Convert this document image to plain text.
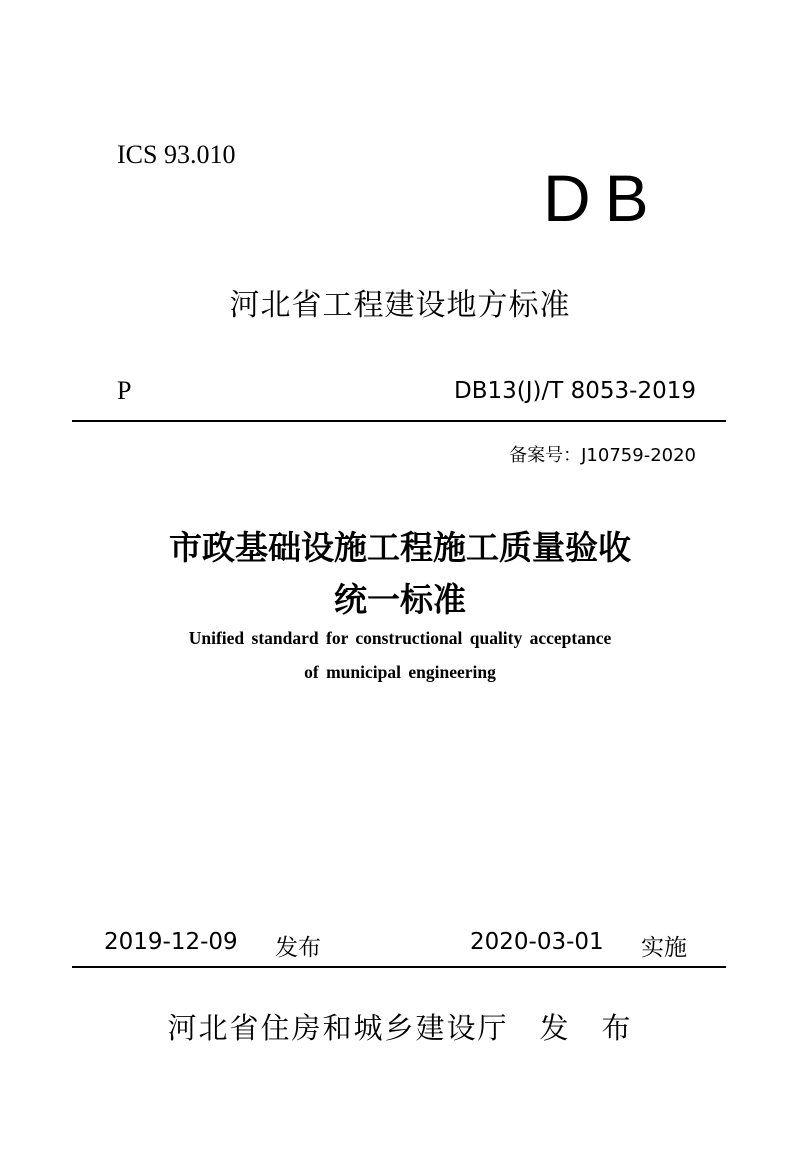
ICS 93.010
DB
河北省工程建设地方标准
P	DB13(J)/T 8053-2019
备案号：J10759-2020
市政基础设施工程施工质量验收
统一标准
Unified standard for constructional quality acceptance
of municipal engineering
2019-12-09 发布	2020-03-01 实施
河北省住房和城乡建设厅　发　布
